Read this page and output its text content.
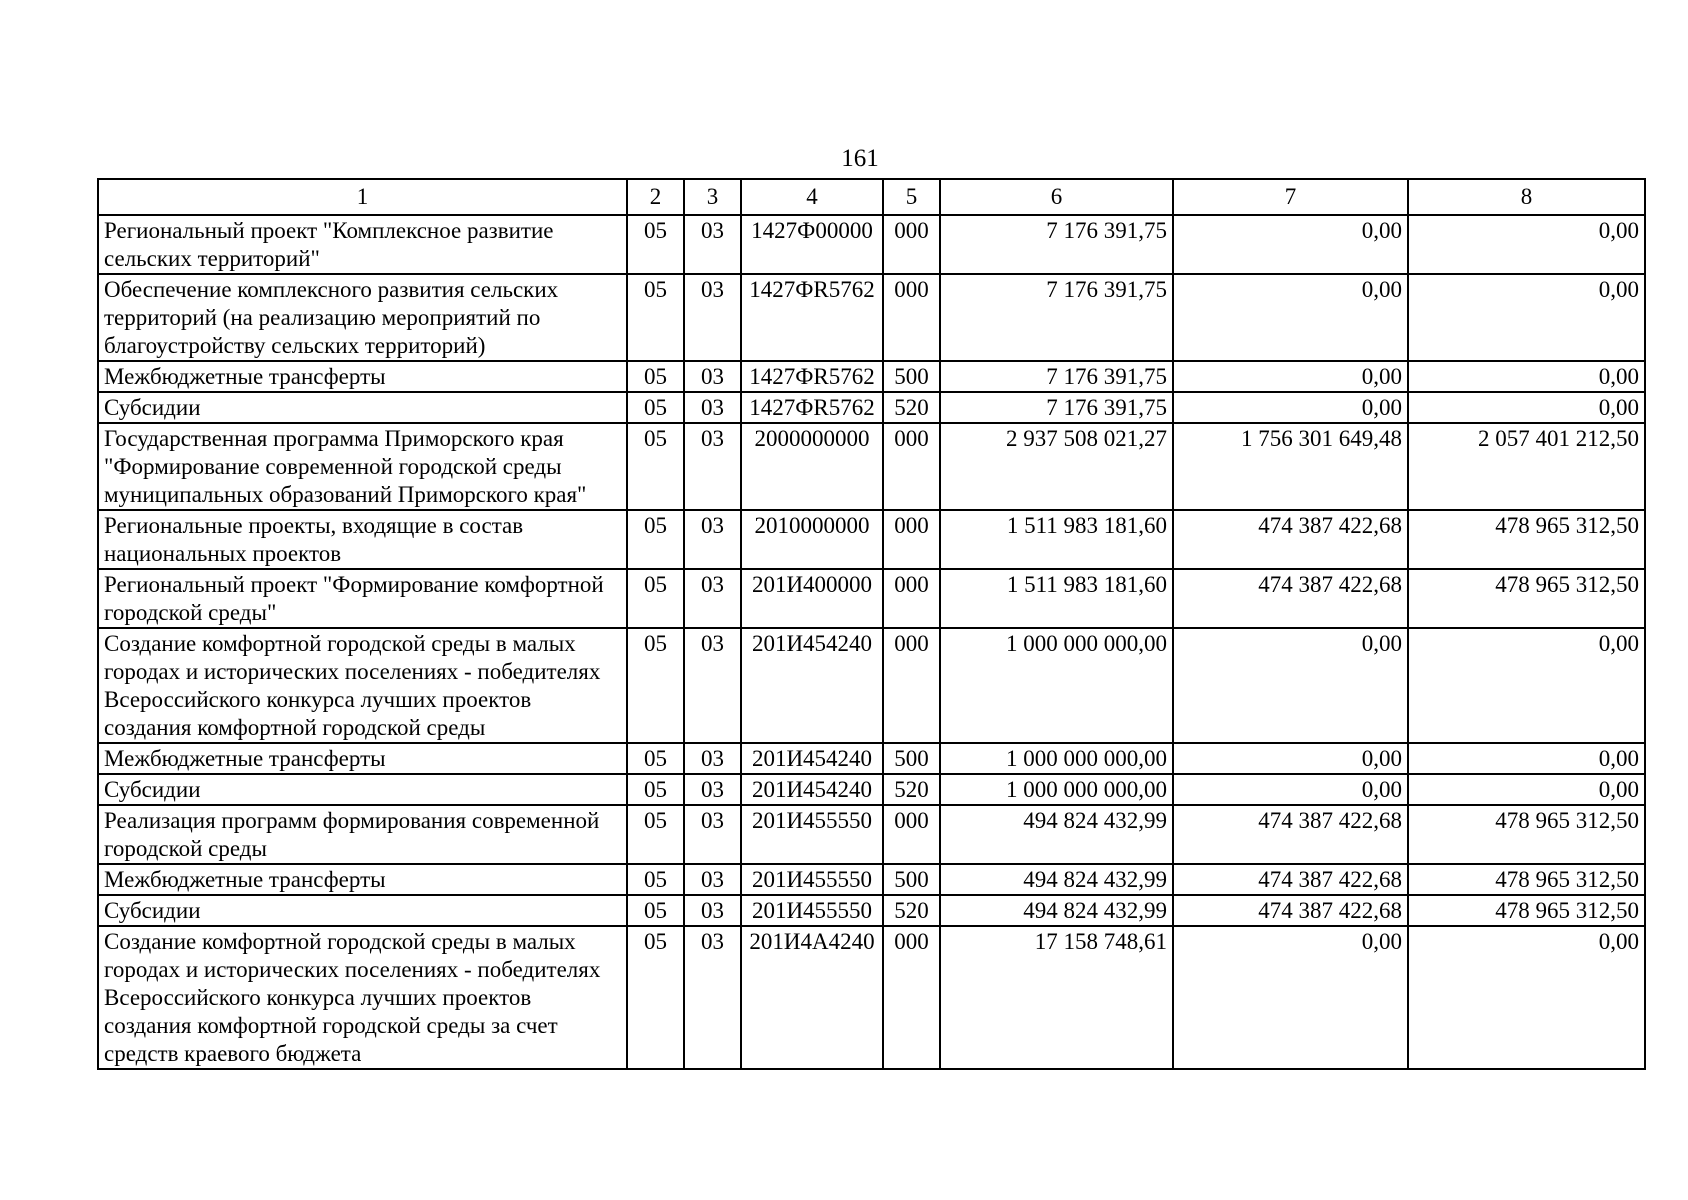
161
1	2	3	4	5	6	7	8
Региональный проект "Комплексное развитие сельских территорий"	05	03	1427Ф00000	000	7 176 391,75	0,00	0,00
Обеспечение комплексного развития сельских территорий (на реализацию мероприятий по благоустройству сельских территорий)	05	03	1427ФR5762	000	7 176 391,75	0,00	0,00
Межбюджетные трансферты	05	03	1427ФR5762	500	7 176 391,75	0,00	0,00
Субсидии	05	03	1427ФR5762	520	7 176 391,75	0,00	0,00
Государственная программа Приморского края "Формирование современной городской среды муниципальных образований Приморского края"	05	03	2000000000	000	2 937 508 021,27	1 756 301 649,48	2 057 401 212,50
Региональные проекты, входящие в состав национальных проектов	05	03	2010000000	000	1 511 983 181,60	474 387 422,68	478 965 312,50
Региональный проект "Формирование комфортной городской среды"	05	03	201И400000	000	1 511 983 181,60	474 387 422,68	478 965 312,50
Создание комфортной городской среды в малых городах и исторических поселениях - победителях Всероссийского конкурса лучших проектов создания комфортной городской среды	05	03	201И454240	000	1 000 000 000,00	0,00	0,00
Межбюджетные трансферты	05	03	201И454240	500	1 000 000 000,00	0,00	0,00
Субсидии	05	03	201И454240	520	1 000 000 000,00	0,00	0,00
Реализация программ формирования современной городской среды	05	03	201И455550	000	494 824 432,99	474 387 422,68	478 965 312,50
Межбюджетные трансферты	05	03	201И455550	500	494 824 432,99	474 387 422,68	478 965 312,50
Субсидии	05	03	201И455550	520	494 824 432,99	474 387 422,68	478 965 312,50
Создание комфортной городской среды в малых городах и исторических поселениях - победителях Всероссийского конкурса лучших проектов создания комфортной городской среды за счет средств краевого бюджета	05	03	201И4А4240	000	17 158 748,61	0,00	0,00
